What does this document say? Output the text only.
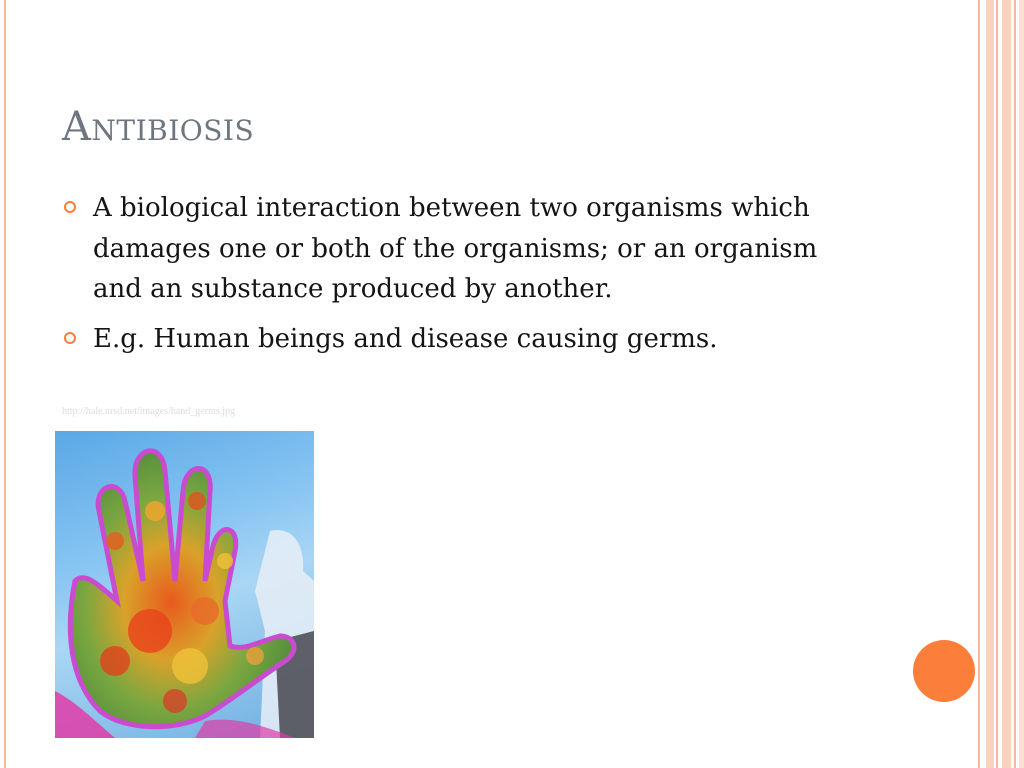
Antibiosis
A biological interaction between two organisms which damages one or both of the organisms; or an organism and an substance produced by another.
E.g. Human beings and disease causing germs.
http://hale.nrsd.net/images/hand_germs.jpg
